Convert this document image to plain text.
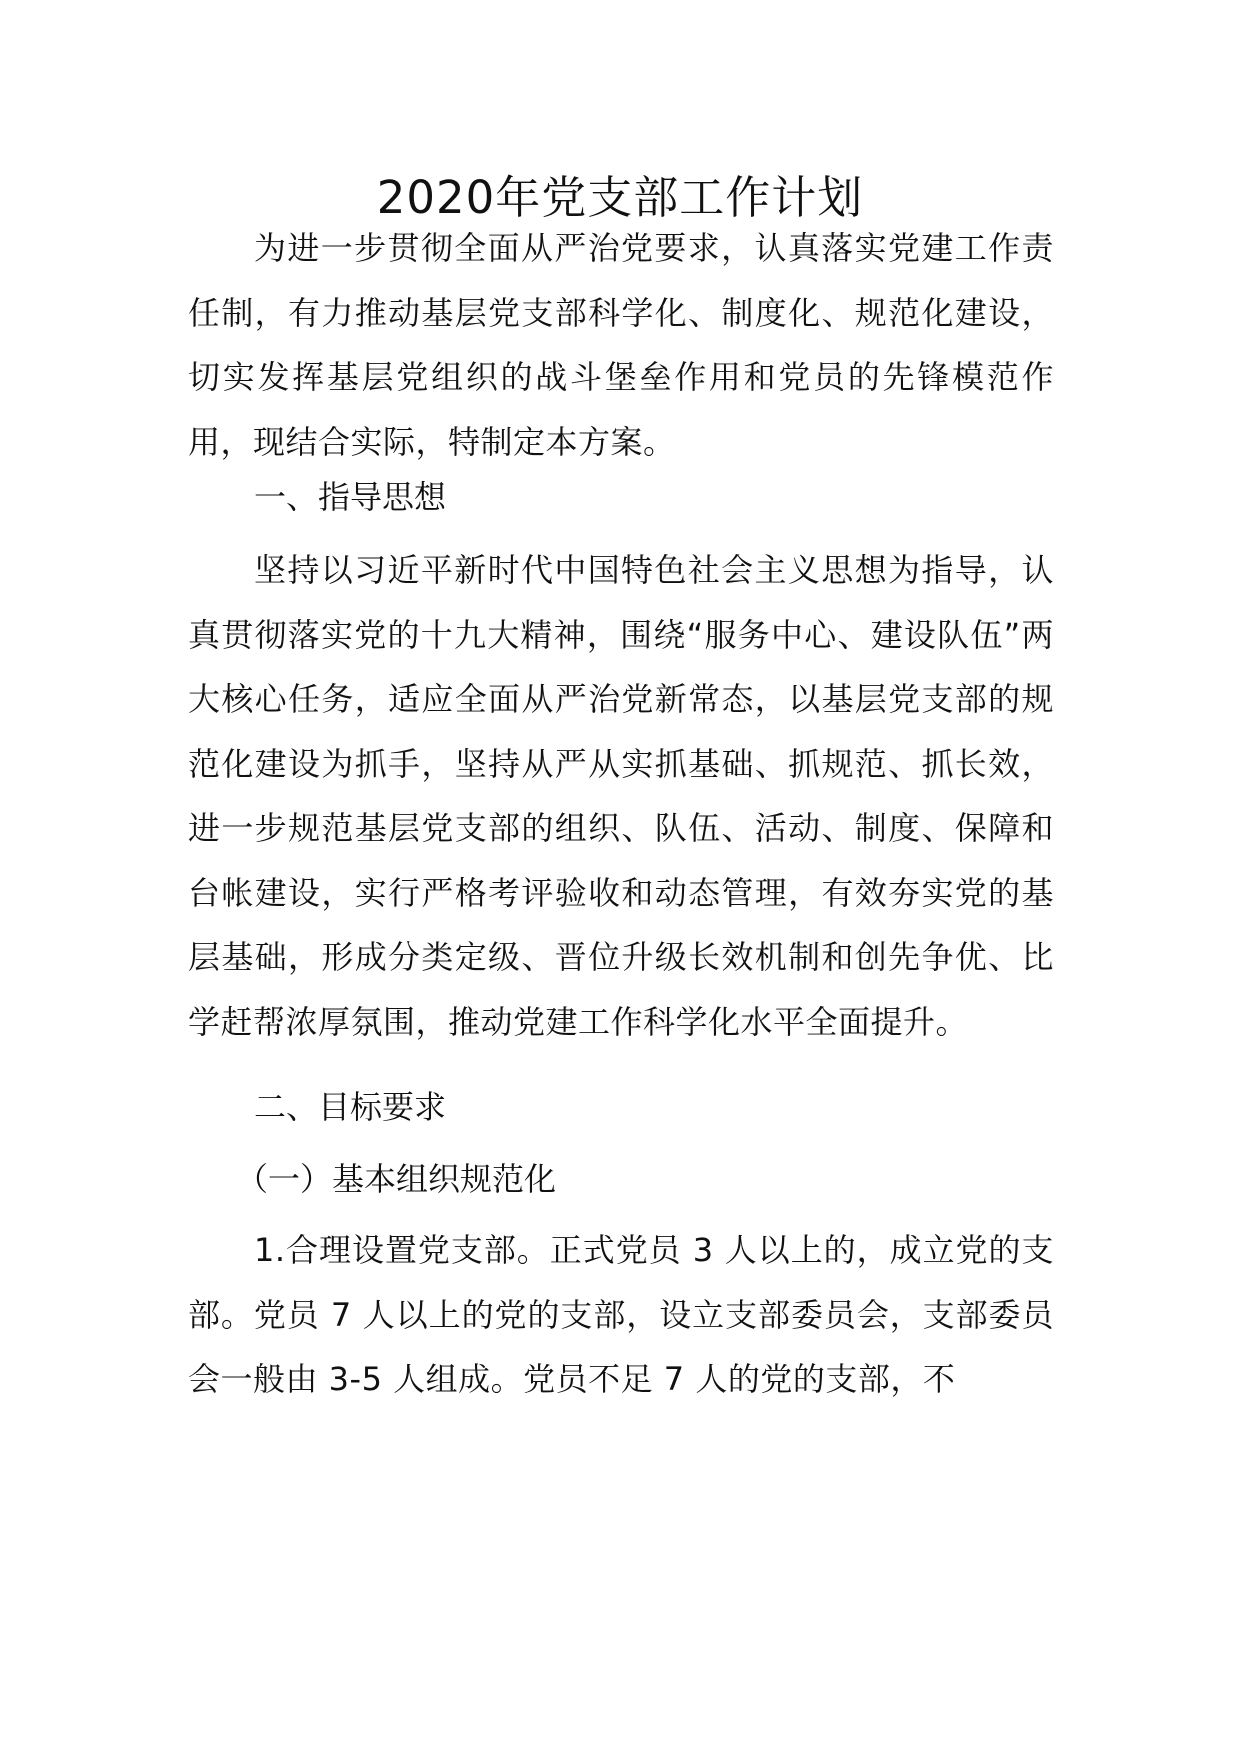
2020年党支部工作计划

为进一步贯彻全面从严治党要求，认真落实党建工作责任制，有力推动基层党支部科学化、制度化、规范化建设，切实发挥基层党组织的战斗堡垒作用和党员的先锋模范作用，现结合实际，特制定本方案。

一、指导思想

坚持以习近平新时代中国特色社会主义思想为指导，认真贯彻落实党的十九大精神，围绕“服务中心、建设队伍”两大核心任务，适应全面从严治党新常态，以基层党支部的规范化建设为抓手，坚持从严从实抓基础、抓规范、抓长效，进一步规范基层党支部的组织、队伍、活动、制度、保障和台帐建设，实行严格考评验收和动态管理，有效夯实党的基层基础，形成分类定级、晋位升级长效机制和创先争优、比学赶帮浓厚氛围，推动党建工作科学化水平全面提升。

二、目标要求
（一）基本组织规范化

1.合理设置党支部。正式党员 3 人以上的，成立党的支部。党员 7 人以上的党的支部，设立支部委员会，支部委员会一般由 3-5 人组成。党员不足 7 人的党的支部，不
